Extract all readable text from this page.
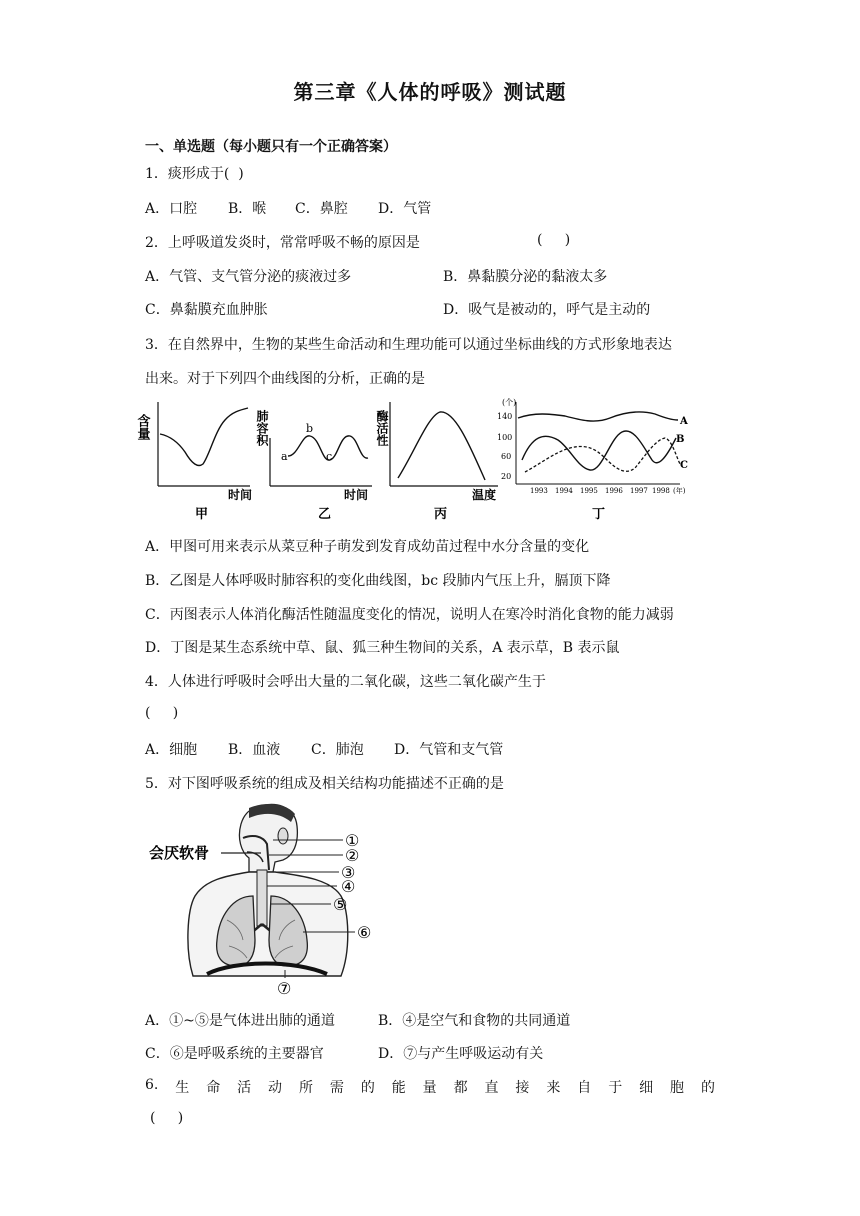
第三章《人体的呼吸》测试题
一、单选题（每小题只有一个正确答案）
1．痰形成于(  )
A．口腔 B．喉 C．鼻腔 D．气管
2．上呼吸道发炎时，常常呼吸不畅的原因是	(     )
A．气管、支气管分泌的痰液过多	B．鼻黏膜分泌的黏液太多
C．鼻黏膜充血肿胀	D．吸气是被动的，呼气是主动的
3．在自然界中，生物的某些生命活动和生理功能可以通过坐标曲线的方式形象地表达
出来。对于下列四个曲线图的分析，正确的是
含量
时间
甲
肺容积
a
b
c
时间
乙
酶活性
温度
丙
(个)
140
100
60
20
A
B
C
1993 1994 1995 1996 1997 1998 (年)
丁
A．甲图可用来表示从菜豆种子萌发到发育成幼苗过程中水分含量的变化
B．乙图是人体呼吸时肺容积的变化曲线图，bc 段肺内气压上升，膈顶下降
C．丙图表示人体消化酶活性随温度变化的情况，说明人在寒冷时消化食物的能力减弱
D．丁图是某生态系统中草、鼠、狐三种生物间的关系，A 表示草，B 表示鼠
4．人体进行呼吸时会呼出大量的二氧化碳，这些二氧化碳产生于
(     )
A．细胞 B．血液 C．肺泡 D．气管和支气管
5．对下图呼吸系统的组成及相关结构功能描述不正确的是
会厌软骨
①
②
③
④
⑤
⑥
⑦
A．①~⑤是气体进出肺的通道	B．④是空气和食物的共同通道
C．⑥是呼吸系统的主要器官	D．⑦与产生呼吸运动有关
6. 生 命 活 动 所 需 的 能 量 都 直 接 来 自 于 细 胞 的
(     )
